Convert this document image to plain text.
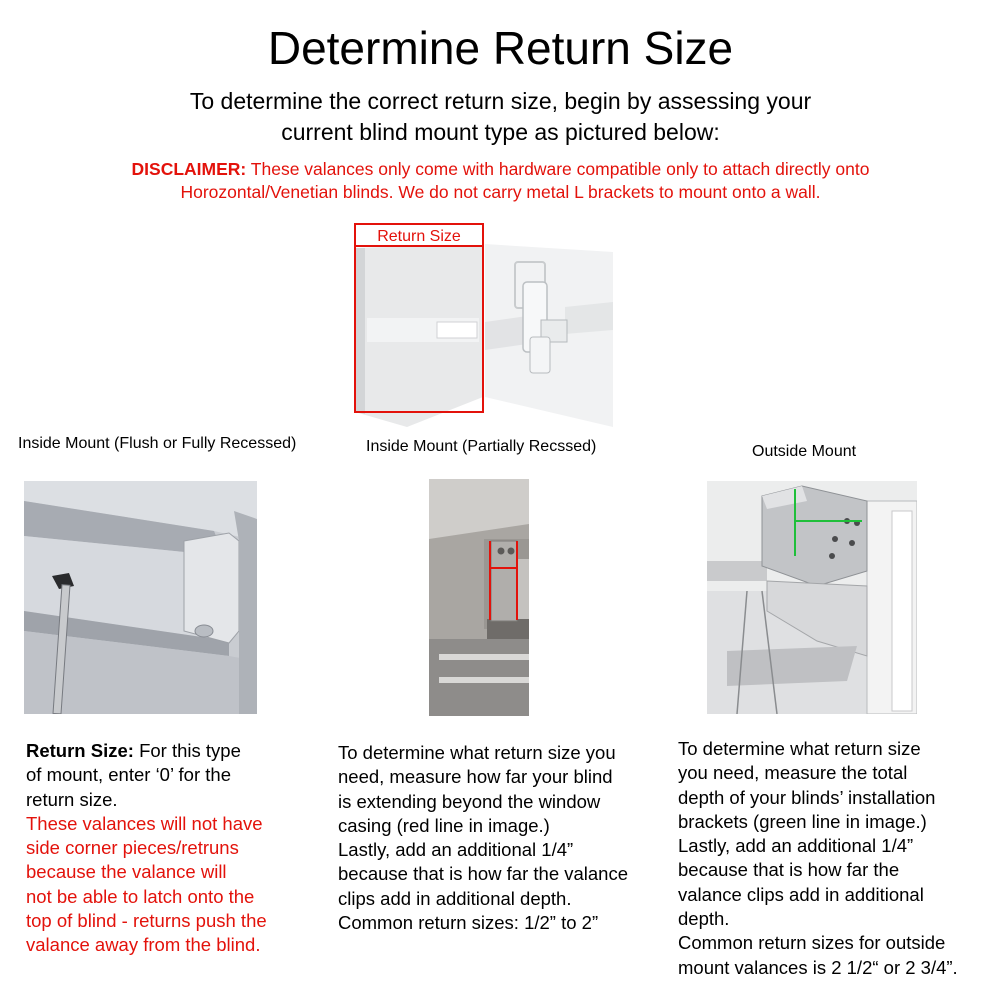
Determine Return Size
To determine the correct return size, begin by assessing your
current blind mount type as pictured below:
DISCLAIMER: These valances only come with hardware compatible only to attach directly onto
Horozontal/Venetian blinds. We do not carry metal L brackets to mount onto a wall.
Return Size
Inside Mount (Flush or Fully Recessed)	Inside Mount (Partially Recssed)	Outside Mount
Return Size: For this type
of mount, enter ‘0’ for the
return size.
These valances will not have
side corner pieces/retruns
because the valance will
not be able to latch onto the
top of blind - returns push the
valance away from the blind.
To determine what return size you
need, measure how far your blind
is extending beyond the window
casing (red line in image.)
Lastly, add an additional 1/4”
because that is how far the valance
clips add in additional depth.
Common return sizes: 1/2” to 2”
To determine what return size
you need, measure the total
depth of your blinds’ installation
brackets (green line in image.)
Lastly, add an additional 1/4”
because that is how far the
valance clips add in additional
depth.
Common return sizes for outside
mount valances is 2 1/2“ or 2 3/4”.
